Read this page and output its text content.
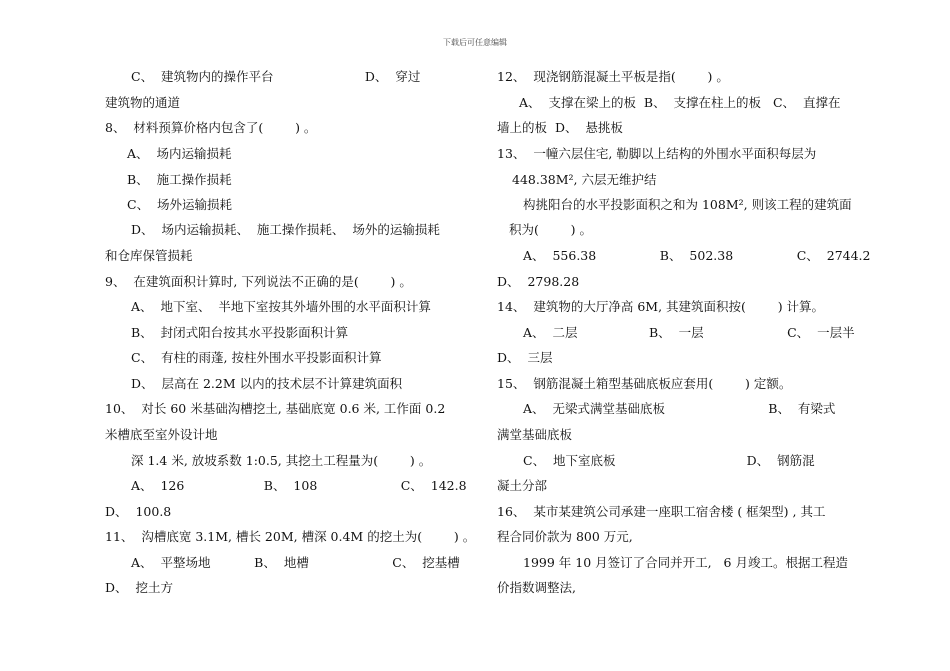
下载后可任意编辑
C、  建筑物内的操作平台                       D、  穿过
建筑物的通道
8、  材料预算价格内包含了(        ) 。
A、  场内运输损耗
B、  施工操作损耗
C、  场外运输损耗
D、  场内运输损耗、  施工操作损耗、  场外的运输损耗
和仓库保管损耗
9、  在建筑面积计算时, 下列说法不正确的是(        ) 。
A、  地下室、  半地下室按其外墙外围的水平面积计算
B、  封闭式阳台按其水平投影面积计算
C、  有柱的雨蓬, 按柱外围水平投影面积计算
D、  层高在 2.2M 以内的技术层不计算建筑面积
10、  对长 60 米基础沟槽挖土, 基础底宽 0.6 米, 工作面 0.2
米槽底至室外设计地
深 1.4 米, 放坡系数 1:0.5, 其挖土工程量为(        ) 。
A、  126                    B、  108                     C、  142.8
D、  100.8
11、  沟槽底宽 3.1M, 槽长 20M, 槽深 0.4M 的挖土为(        ) 。
A、  平整场地           B、  地槽                     C、  挖基槽
D、  挖土方
12、  现浇钢筋混凝土平板是指(        ) 。
A、  支撑在梁上的板  B、  支撑在柱上的板   C、  直撑在
墙上的板  D、  悬挑板
13、  一幢六层住宅, 勒脚以上结构的外围水平面积每层为
448.38M², 六层无维护结
构挑阳台的水平投影面积之和为 108M², 则该工程的建筑面
积为(        ) 。
A、  556.38                B、  502.38                C、  2744.2
D、  2798.28
14、  建筑物的大厅净高 6M, 其建筑面积按(        ) 计算。
A、  二层                  B、  一层                     C、  一层半
D、  三层
15、  钢筋混凝土箱型基础底板应套用(        ) 定额。
A、  无梁式满堂基础底板                          B、  有梁式
满堂基础底板
C、  地下室底板                                 D、  钢筋混
凝土分部
16、  某市某建筑公司承建一座职工宿舍楼 ( 框架型) , 其工
程合同价款为 800 万元,
1999 年 10 月签订了合同并开工,   6 月竣工。根据工程造
价指数调整法,
